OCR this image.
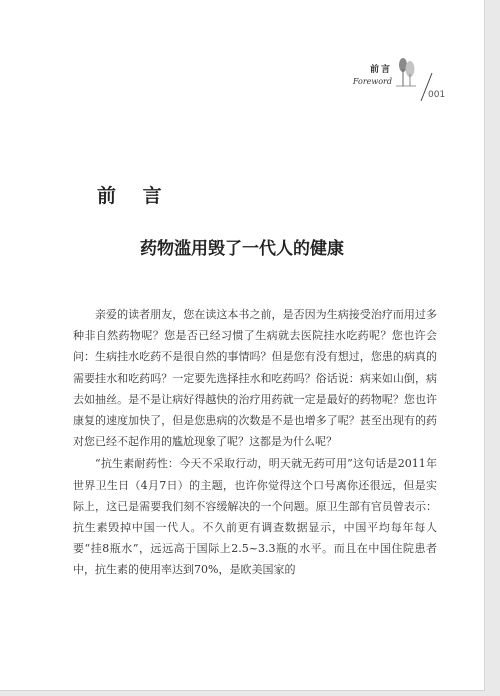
前言
Foreword
001
前 言
药物滥用毁了一代人的健康

亲爱的读者朋友，您在读这本书之前，是否因为生病接受治疗而用过多种非自然药物呢？您是否已经习惯了生病就去医院挂水吃药呢？您也许会问：生病挂水吃药不是很自然的事情吗？但是您有没有想过，您患的病真的需要挂水和吃药吗？一定要先选择挂水和吃药吗？俗话说：病来如山倒，病去如抽丝。是不是让病好得越快的治疗用药就一定是最好的药物呢？您也许康复的速度加快了，但是您患病的次数是不是也增多了呢？甚至出现有的药对您已经不起作用的尴尬现象了呢？这都是为什么呢？

“抗生素耐药性：今天不采取行动，明天就无药可用”这句话是2011年世界卫生日（4月7日）的主题，也许你觉得这个口号离你还很远，但是实际上，这已是需要我们刻不容缓解决的一个问题。原卫生部有官员曾表示：抗生素毁掉中国一代人。不久前更有调查数据显示，中国平均每年每人要“挂8瓶水”，远远高于国际上2.5~3.3瓶的水平。而且在中国住院患者中，抗生素的使用率达到70%，是欧美国家的
